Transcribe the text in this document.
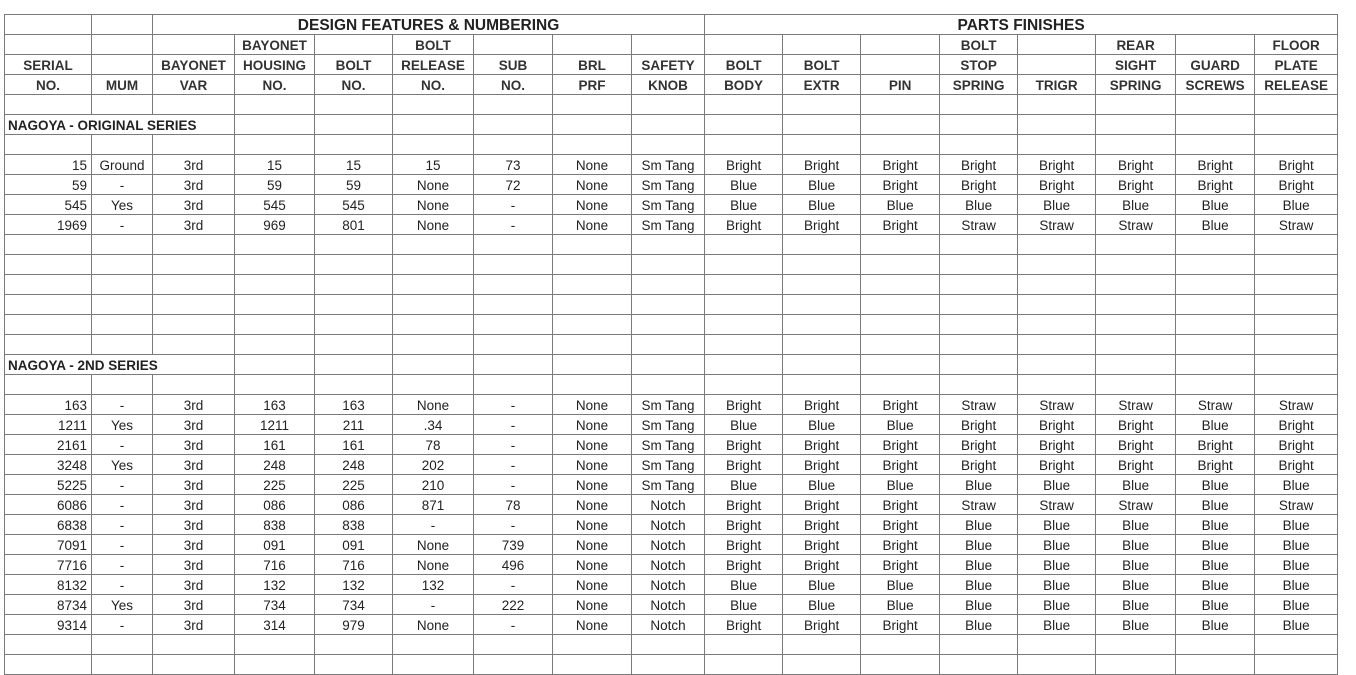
		DESIGN FEATURES & NUMBERING							PARTS FINISHES							
			BAYONET		BOLT							BOLT		REAR		FLOOR
SERIAL		BAYONET	HOUSING	BOLT	RELEASE	SUB	BRL	SAFETY	BOLT	BOLT		STOP		SIGHT	GUARD	PLATE
NO.	MUM	VAR	NO.	NO.	NO.	NO.	PRF	KNOB	BODY	EXTR	PIN	SPRING	TRIGR	SPRING	SCREWS	RELEASE

NAGOYA - ORIGINAL SERIES																

15	Ground	3rd	15	15	15	73	None	Sm Tang	Bright	Bright	Bright	Bright	Bright	Bright	Bright	Bright
59	-	3rd	59	59	None	72	None	Sm Tang	Blue	Blue	Bright	Bright	Bright	Bright	Bright	Bright
545	Yes	3rd	545	545	None	-	None	Sm Tang	Blue	Blue	Blue	Blue	Blue	Blue	Blue	Blue
1969	-	3rd	969	801	None	-	None	Sm Tang	Bright	Bright	Bright	Straw	Straw	Straw	Blue	Straw

NAGOYA - 2ND SERIES																

163	-	3rd	163	163	None	-	None	Sm Tang	Bright	Bright	Bright	Straw	Straw	Straw	Straw	Straw
1211	Yes	3rd	1211	211	.34	-	None	Sm Tang	Blue	Blue	Blue	Bright	Bright	Bright	Blue	Bright
2161	-	3rd	161	161	78	-	None	Sm Tang	Bright	Bright	Bright	Bright	Bright	Bright	Bright	Bright
3248	Yes	3rd	248	248	202	-	None	Sm Tang	Bright	Bright	Bright	Bright	Bright	Bright	Bright	Bright
5225	-	3rd	225	225	210	-	None	Sm Tang	Blue	Blue	Blue	Blue	Blue	Blue	Blue	Blue
6086	-	3rd	086	086	871	78	None	Notch	Bright	Bright	Bright	Straw	Straw	Straw	Blue	Straw
6838	-	3rd	838	838	-	-	None	Notch	Bright	Bright	Bright	Blue	Blue	Blue	Blue	Blue
7091	-	3rd	091	091	None	739	None	Notch	Bright	Bright	Bright	Blue	Blue	Blue	Blue	Blue
7716	-	3rd	716	716	None	496	None	Notch	Bright	Bright	Bright	Blue	Blue	Blue	Blue	Blue
8132	-	3rd	132	132	132	-	None	Notch	Blue	Blue	Blue	Blue	Blue	Blue	Blue	Blue
8734	Yes	3rd	734	734	-	222	None	Notch	Blue	Blue	Blue	Blue	Blue	Blue	Blue	Blue
9314	-	3rd	314	979	None	-	None	Notch	Bright	Bright	Bright	Blue	Blue	Blue	Blue	Blue
